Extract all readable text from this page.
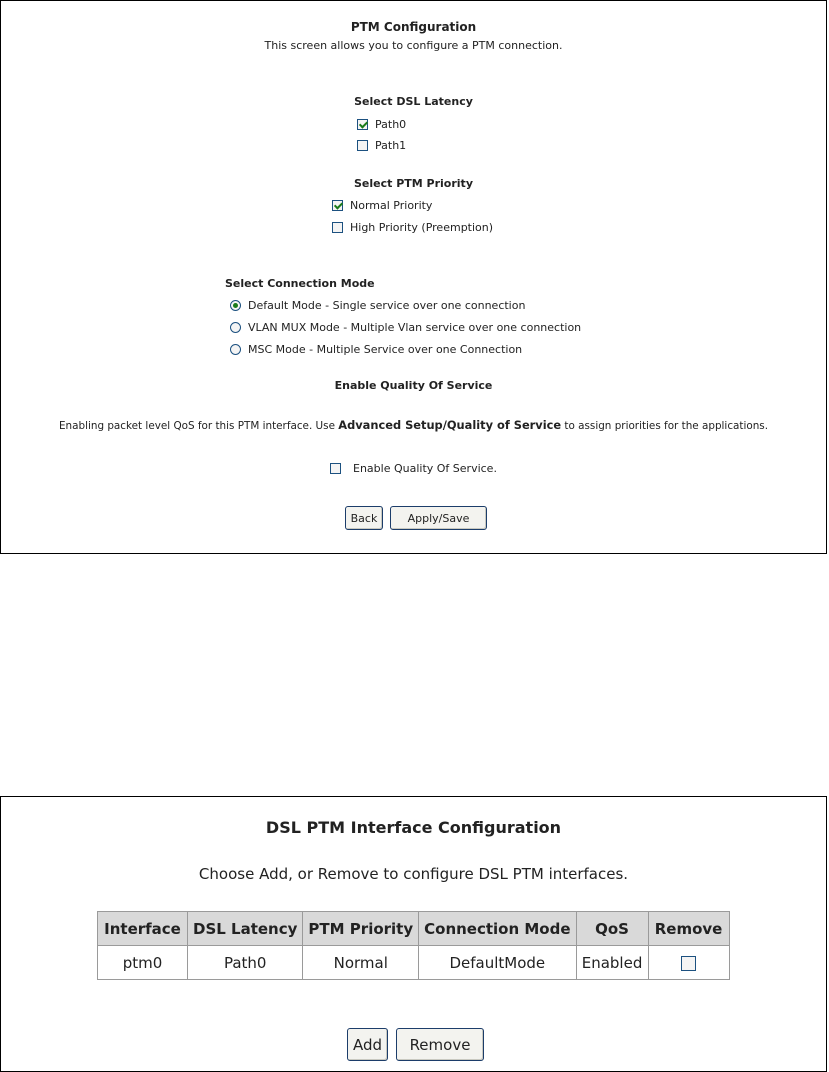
PTM Configuration
This screen allows you to configure a PTM connection.
Select DSL Latency
Path0
Path1
Select PTM Priority
Normal Priority
High Priority (Preemption)
Select Connection Mode
Default Mode - Single service over one connection
VLAN MUX Mode - Multiple Vlan service over one connection
MSC Mode - Multiple Service over one Connection
Enable Quality Of Service
Enabling packet level QoS for this PTM interface. Use Advanced Setup/Quality of Service to assign priorities for the applications.
Enable Quality Of Service.
Back	Apply/Save
DSL PTM Interface Configuration
Choose Add, or Remove to configure DSL PTM interfaces.
Interface	DSL Latency	PTM Priority	Connection Mode	QoS	Remove
ptm0	Path0	Normal	DefaultMode	Enabled	
Add	Remove
